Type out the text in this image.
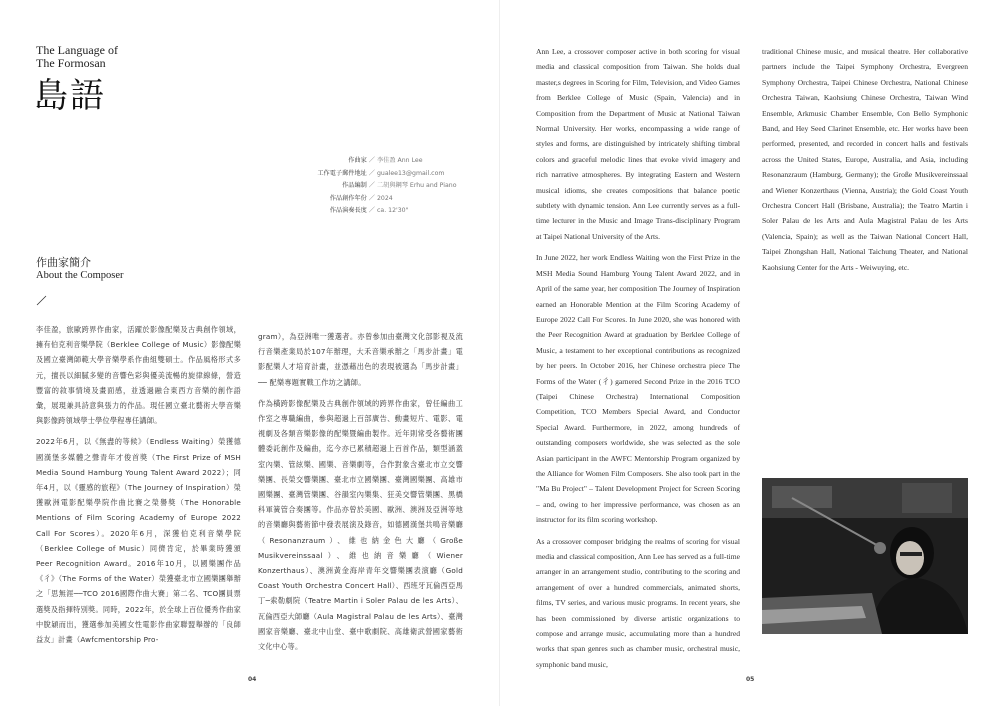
The Language of
The Formosan
島語
作曲家 ／ 李佳盈 Ann Lee
工作電子郵件地址 ／ gualee13@gmail.com
作品編制 ／ 二胡與鋼琴 Erhu and Piano
作品創作年份 ／ 2024
作品演奏長度 ／ ca. 12'30"
作曲家簡介
About the Composer

李佳盈，旅歐跨界作曲家，活躍於影像配樂及古典創作領域，擁有伯克利音樂學院（Berklee College of Music）影像配樂及國立臺灣師範大學音樂學系作曲組雙碩士。作品風格形式多元，擅長以細膩多變的音響色彩與優美流暢的旋律線條，營造豐富的敘事情境及畫面感，並透過融合東西方音樂的創作語彙，展現兼具詩意與張力的作品。現任國立臺北藝術大學音樂與影像跨領域學士學位學程專任講師。

2022年6月，以《無盡的等候》（Endless Waiting）榮獲德國漢堡多媒體之聲青年才俊首獎（The First Prize of MSH Media Sound Hamburg Young Talent Award 2022）；同年4月，以《靈感的旅程》（The Journey of Inspiration）榮獲歐洲電影配樂學院作曲比賽之榮譽獎（The Honorable Mentions of Film Scoring Academy of Europe 2022 Call For Scores）。2020年6月，深獲伯克利音樂學院（Berklee College of Music）同儕肯定，於畢業時獲頒 Peer Recognition Award。2016年10月，以國樂團作品《彳》（The Forms of the Water）榮獲臺北市立國樂團舉辦之「思無涯──TCO 2016國際作曲大賽」第二名、TCO團員票選獎及指揮特別獎。同時，2022年，於全球上百位優秀作曲家中脫穎而出，獲選參加美國女性電影作曲家聯盟舉辦的「良師益友」計畫（Awfcmentorship Pro-

gram），為亞洲唯一獲選者。亦曾參加由臺灣文化部影視及流行音樂產業局於107年辦理，大禾音樂承辦之「馬步計畫」電影配樂人才培育計畫，並憑藉出色的表現被選為「馬步計畫」── 配樂專題實戰工作坊之講師。

作為橫跨影像配樂及古典創作領域的跨界作曲家，曾任編曲工作室之專職編曲，參與超過上百部廣告、動畫短片、電影、電視劇及各類音樂影像的配樂暨編曲製作。近年則常受各藝術團體委託創作及編曲，迄今亦已累積超過上百首作品，類型涵蓋室內樂、管絃樂、國樂、音樂劇等，合作對象含臺北市立交響樂團、長榮交響樂團、臺北市立國樂團、臺灣國樂團、高雄市國樂團、臺灣管樂團、谷韻室內樂集、狂美交響管樂團、黑橋科軍簧管合奏團等。作品亦曾於美國、歐洲、澳洲及亞洲等地的音樂廳與藝術節中發表展演及錄音，如德國漢堡共鳴音樂廳（Resonanzraum）、維也納金色大廳（Große Musikvereinssaal）、維也納音樂廳（Wiener Konzerthaus）、澳洲黃金海岸青年交響樂團表演廳（Gold Coast Youth Orchestra Concert Hall）、西班牙瓦倫西亞馬丁─索勒劇院（Teatre Martin i Soler Palau de les Arts）、瓦倫西亞大師廳（Aula Magistral Palau de les Arts）、臺灣國家音樂廳、臺北中山堂、臺中歌劇院、高雄衛武營國家藝術文化中心等。

04

Ann Lee, a crossover composer active in both scoring for visual media and classical composition from Taiwan. She holds dual master,s degrees in Scoring for Film, Television, and Video Games from Berklee College of Music (Spain, Valencia) and in Composition from the Department of Music at National Taiwan Normal University. Her works, encompassing a wide range of styles and forms, are distinguished by intricately shifting timbral colors and graceful melodic lines that evoke vivid imagery and rich narrative atmospheres. By integrating Eastern and Western musical idioms, she creates compositions that balance poetic subtlety with dynamic tension. Ann Lee currently serves as a full-time lecturer in the Music and Image Trans-disciplinary Program at Taipei National University of the Arts.

In June 2022, her work Endless Waiting won the First Prize in the MSH Media Sound Hamburg Young Talent Award 2022, and in April of the same year, her composition The Journey of Inspiration earned an Honorable Mention at the Film Scoring Academy of Europe 2022 Call For Scores. In June 2020, she was honored with the Peer Recognition Award at graduation by Berklee College of Music, a testament to her exceptional contributions as recognized by her peers. In October 2016, her Chinese orchestra piece The Forms of the Water (彳) garnered Second Prize in the 2016 TCO (Taipei Chinese Orchestra) International Composition Competition, TCO Members Special Award, and Conductor Special Award. Furthermore, in 2022, among hundreds of outstanding composers worldwide, she was selected as the sole Asian participant in the AWFC Mentorship Program organized by the Alliance for Women Film Composers. She also took part in the "Ma Bu Project" – Talent Development Project for Screen Scoring – and, owing to her impressive performance, was chosen as an instructor for its film scoring workshop.

As a crossover composer bridging the realms of scoring for visual media and classical composition, Ann Lee has served as a full-time arranger in an arrangement studio, contributing to the scoring and arrangement of over a hundred commercials, animated shorts, films, TV series, and various music programs. In recent years, she has been commissioned by diverse artistic organizations to compose and arrange music, accumulating more than a hundred works that span genres such as chamber music, orchestral music, symphonic band music,

traditional Chinese music, and musical theatre. Her collaborative partners include the Taipei Symphony Orchestra, Evergreen Symphony Orchestra, Taipei Chinese Orchestra, National Chinese Orchestra Taiwan, Kaohsiung Chinese Orchestra, Taiwan Wind Ensemble, Arkmusic Chamber Ensemble, Con Bello Symphonic Band, and Hey Seed Clarinet Ensemble, etc. Her works have been performed, presented, and recorded in concert halls and festivals across the United States, Europe, Australia, and Asia, including Resonanzraum (Hamburg, Germany); the Große Musikvereinssaal and Wiener Konzerthaus (Vienna, Austria); the Gold Coast Youth Orchestra Concert Hall (Brisbane, Australia); the Teatro Martin i Soler Palau de les Arts and Aula Magistral Palau de les Arts (Valencia, Spain); as well as the Taiwan National Concert Hall, Taipei Zhongshan Hall, National Taichung Theater, and National Kaohsiung Center for the Arts - Weiwuying, etc.

05
